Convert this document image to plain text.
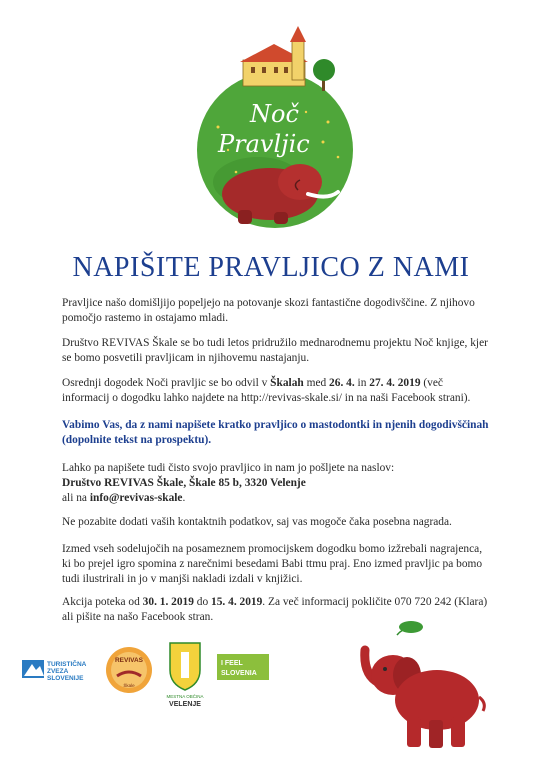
Noč
Pravljic
NAPIŠITE PRAVLJICO Z NAMI

Pravljice našo domišljijo popeljejo na potovanje skozi fantastične dogodivščine. Z njihovo pomočjo rastemo in ostajamo mladi.

Društvo REVIVAS Škale se bo tudi letos pridružilo mednarodnemu projektu Noč knjige, kjer se bomo posvetili pravljicam in njihovemu nastajanju.

Osrednji dogodek Noči pravljic se bo odvil v Škalah med 26. 4. in 27. 4. 2019 (več informacij o dogodku lahko najdete na http://revivas-skale.si/ in na naši Facebook strani).

Vabimo Vas, da z nami napišete kratko pravljico o mastodontki in njenih dogodivščinah (dopolnite tekst na prospektu).

Lahko pa napišete tudi čisto svojo pravljico in nam jo pošljete na naslov:
Društvo REVIVAS Škale, Škale 85 b, 3320 Velenje
ali na info@revivas-skale.

Ne pozabite dodati vaših kontaktnih podatkov, saj vas mogoče čaka posebna nagrada.

Izmed vseh sodelujočih na posameznem promocijskem dogodku bomo izžrebali nagrajenca, ki bo prejel igro spomina z narečnimi besedami Babi ttmu praj. Eno izmed pravljic pa bomo tudi ilustrirali in jo v manjši nakladi izdali v knjižici.

Akcija poteka od 30. 1. 2019 do 15. 4. 2019. Za več informacij pokličite 070 720 242 (Klara) ali pišite na našo Facebook stran.

TURISTIČNA
ZVEZA
SLOVENIJE
REVIVAS
Škale
MESTNA OBČINA
VELENJE
I FEEL
SLOVENIA
